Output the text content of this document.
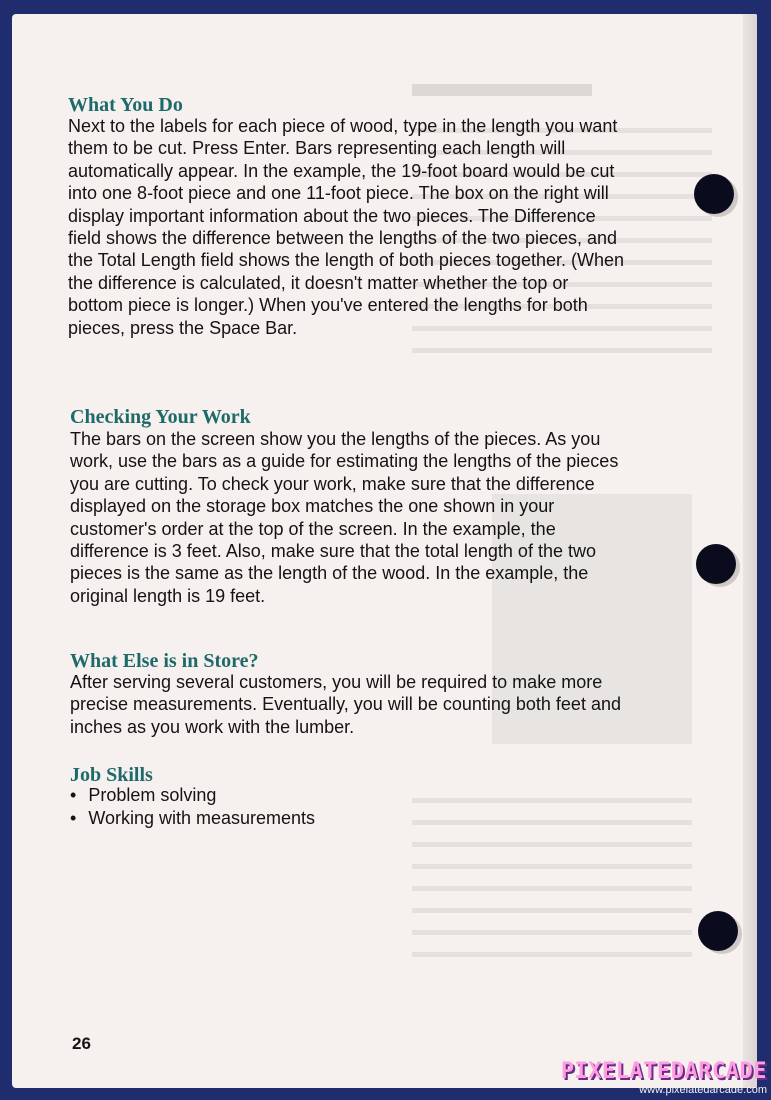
What You Do

Next to the labels for each piece of wood, type in the length you want them to be cut. Press Enter. Bars representing each length will automatically appear. In the example, the 19-foot board would be cut into one 8-foot piece and one 11-foot piece. The box on the right will display important information about the two pieces. The Difference field shows the difference between the lengths of the two pieces, and the Total Length field shows the length of both pieces together. (When the difference is calculated, it doesn't matter whether the top or bottom piece is longer.) When you've entered the lengths for both pieces, press the Space Bar.

Checking Your Work

The bars on the screen show you the lengths of the pieces. As you work, use the bars as a guide for estimating the lengths of the pieces you are cutting. To check your work, make sure that the difference displayed on the storage box matches the one shown in your customer's order at the top of the screen. In the example, the difference is 3 feet. Also, make sure that the total length of the two pieces is the same as the length of the wood. In the example, the original length is 19 feet.

What Else is in Store?

After serving several customers, you will be required to make more precise measurements. Eventually, you will be counting both feet and inches as you work with the lumber.

Job Skills
• Problem solving
• Working with measurements
26
PIXELATEDARCADE
www.pixelatedarcade.com
